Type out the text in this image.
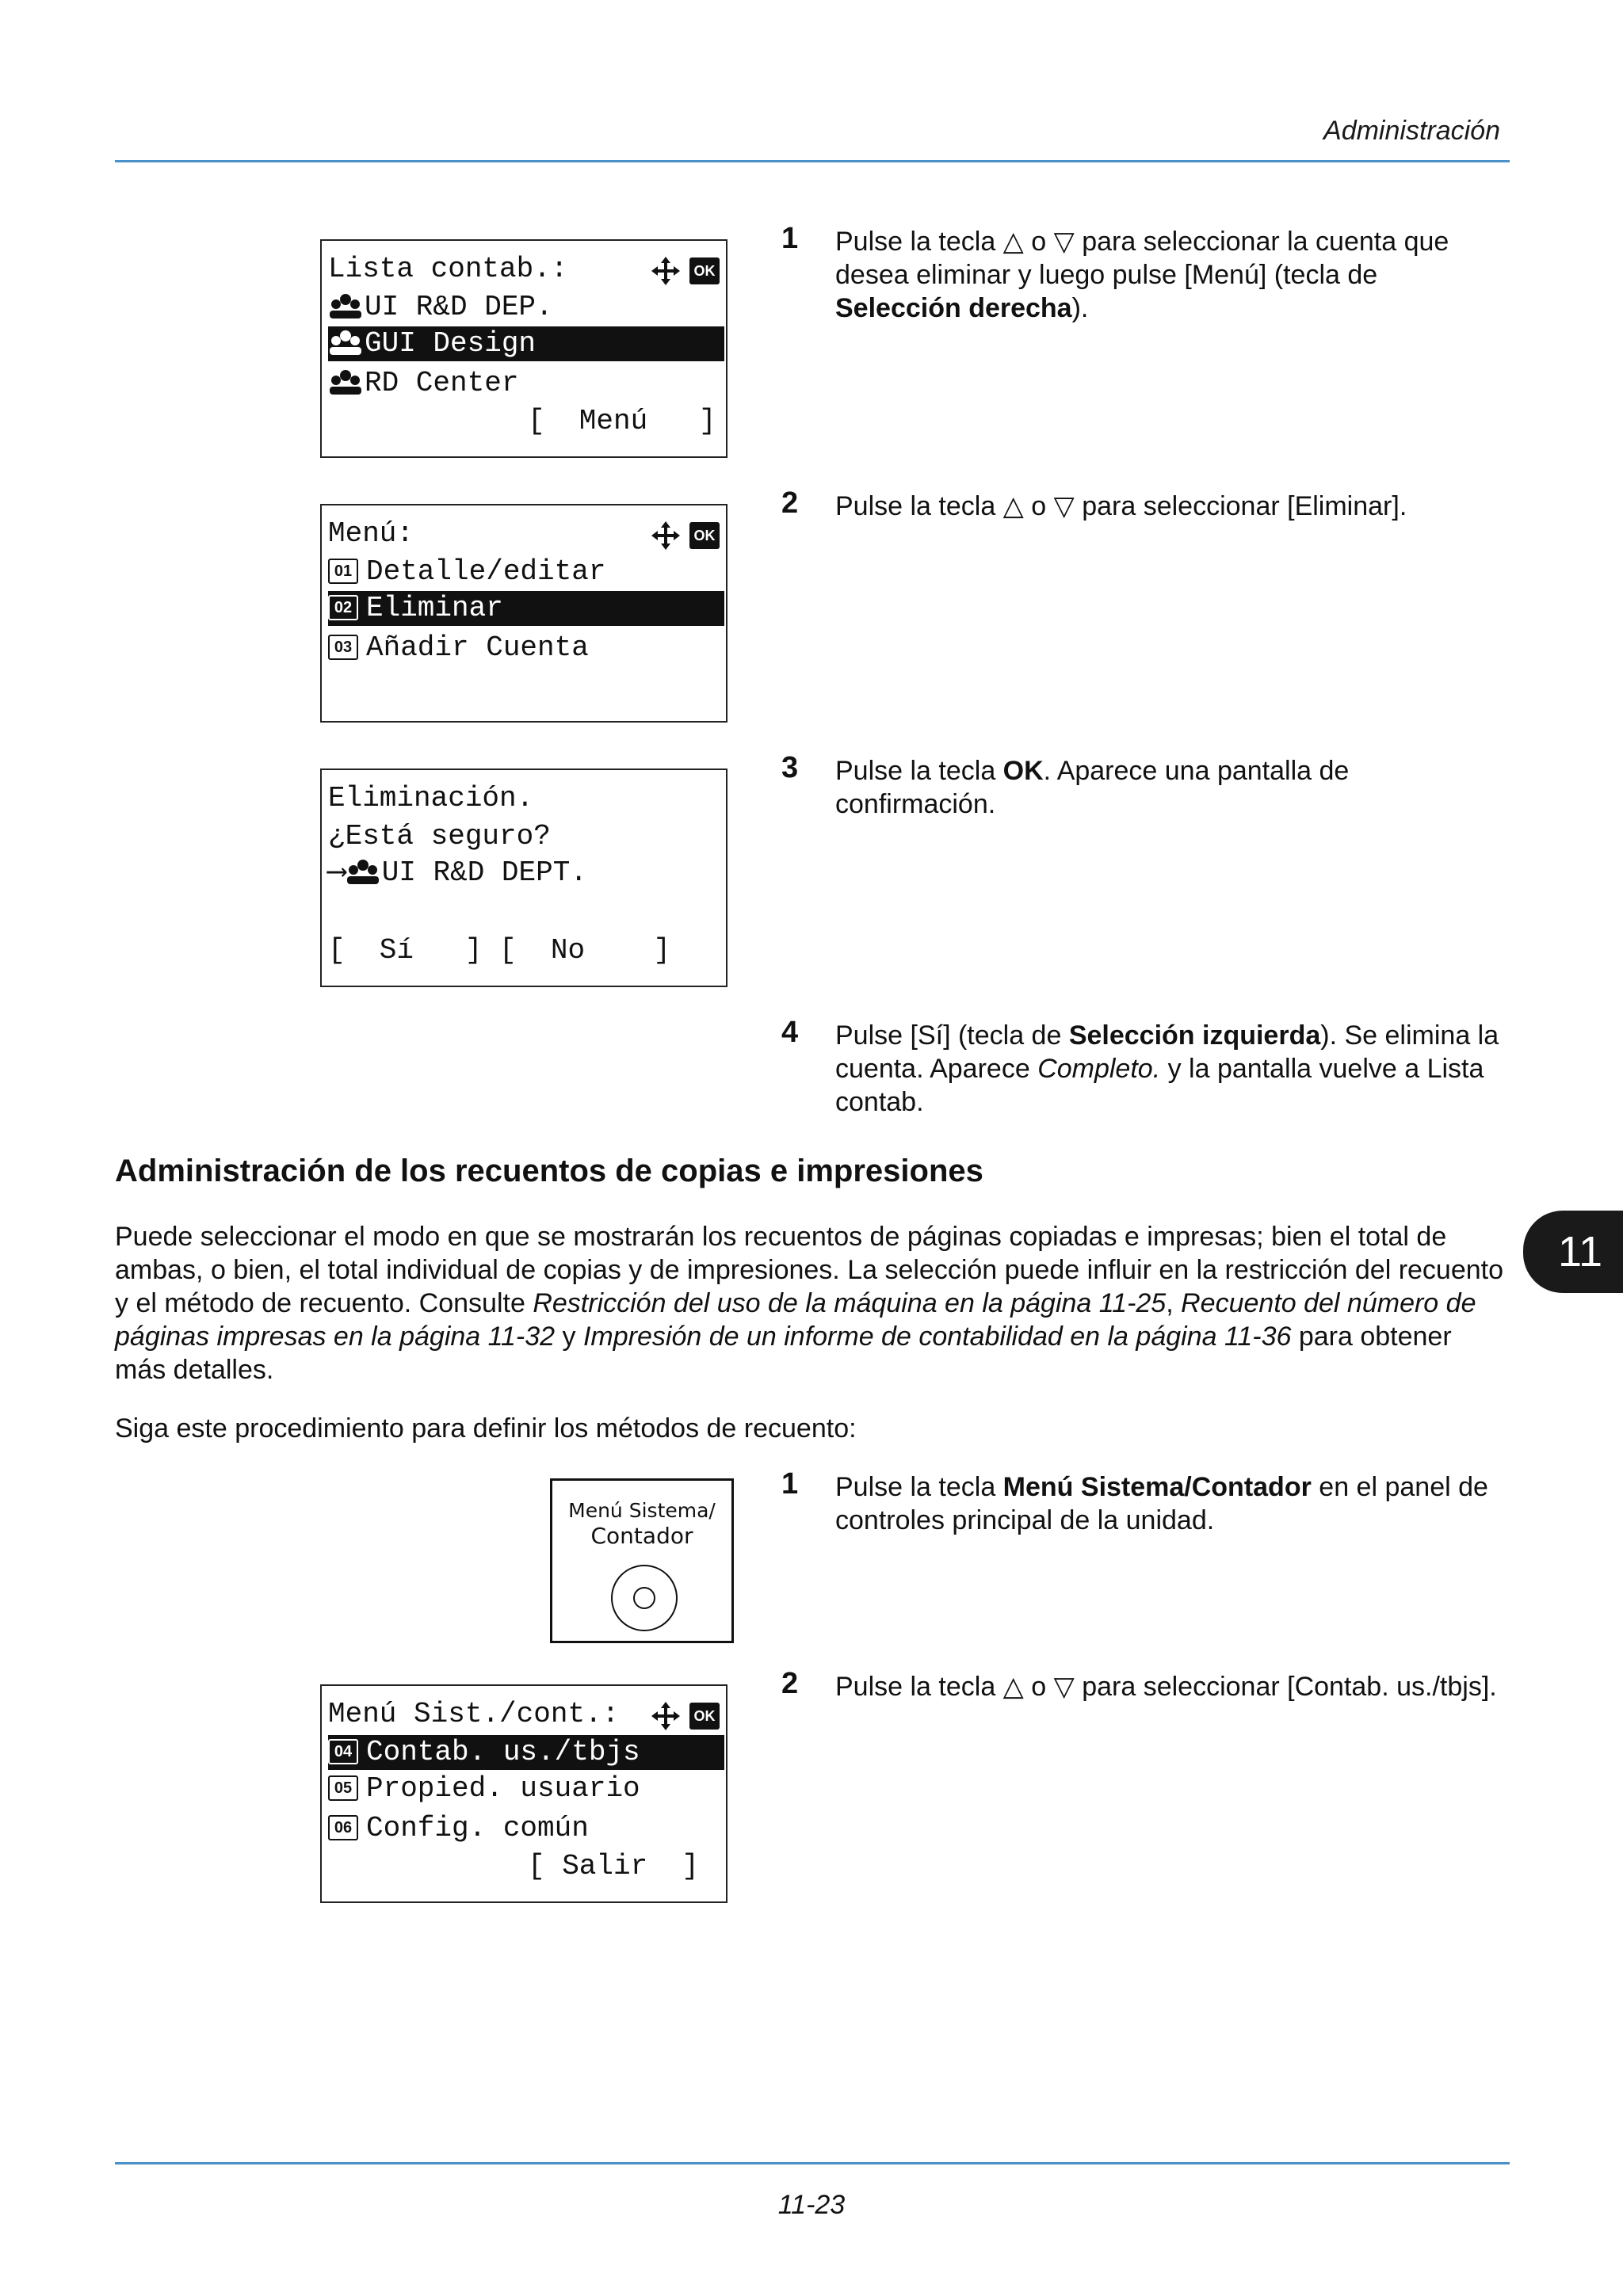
Administración
Lista contab.:	OK
UI R&D DEP.
GUI Design
RD Center
[  Menú   ]
Menú:	OK
01 Detalle/editar
02 Eliminar
03 Añadir Cuenta
Eliminación.
¿Está seguro?
⟶ UI R&D DEPT.
[  Sí   ] [  No    ]
1 Pulse la tecla △ o ▽ para seleccionar la cuenta que desea eliminar y luego pulse [Menú] (tecla de Selección derecha).
2 Pulse la tecla △ o ▽ para seleccionar [Eliminar].
3 Pulse la tecla OK. Aparece una pantalla de confirmación.
4 Pulse [Sí] (tecla de Selección izquierda). Se elimina la cuenta. Aparece Completo. y la pantalla vuelve a Lista contab.
Administración de los recuentos de copias e impresiones
11
Puede seleccionar el modo en que se mostrarán los recuentos de páginas copiadas e impresas; bien el total de ambas, o bien, el total individual de copias y de impresiones. La selección puede influir en la restricción del recuento y el método de recuento. Consulte Restricción del uso de la máquina en la página 11-25, Recuento del número de páginas impresas en la página 11-32 y Impresión de un informe de contabilidad en la página 11-36 para obtener más detalles.
Siga este procedimiento para definir los métodos de recuento:
Menú Sistema/
Contador
1 Pulse la tecla Menú Sistema/Contador en el panel de controles principal de la unidad.
2 Pulse la tecla △ o ▽ para seleccionar [Contab. us./tbjs].
Menú Sist./cont.:	OK
04 Contab. us./tbjs
05 Propied. usuario
06 Config. común
[ Salir  ]
11-23
